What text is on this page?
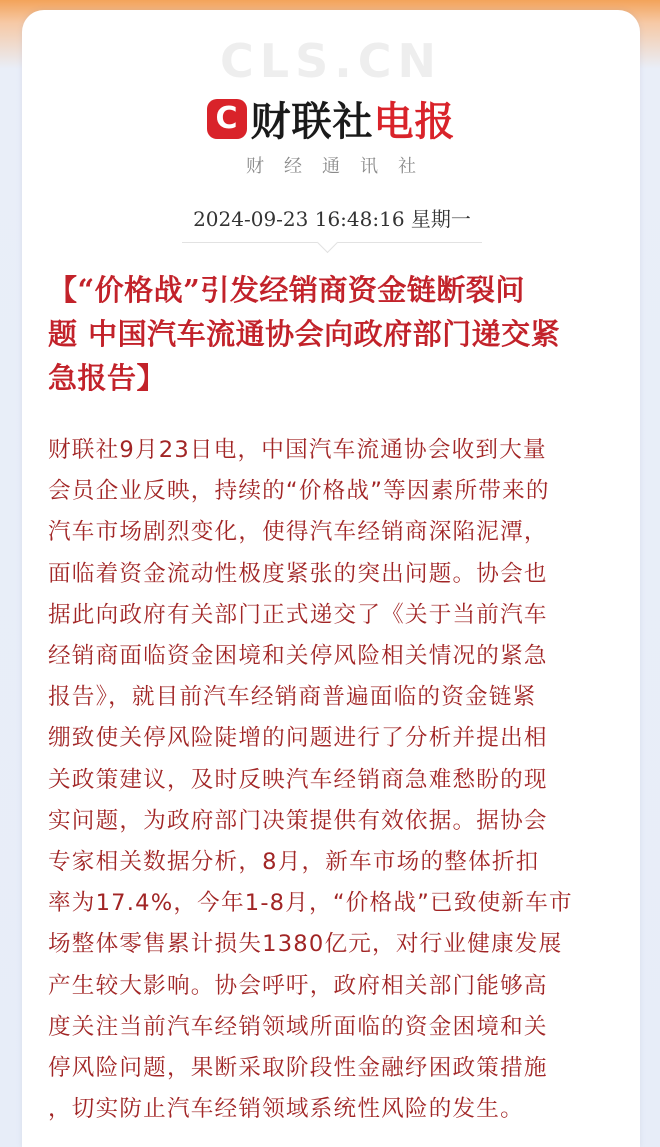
CLS.CN
C 财联社电报
财经通讯社
2024-09-23 16:48:16 星期一
【“价格战”引发经销商资金链断裂问
题 中国汽车流通协会向政府部门递交紧
急报告】
财联社9月23日电，中国汽车流通协会收到大量
会员企业反映，持续的“价格战”等因素所带来的
汽车市场剧烈变化，使得汽车经销商深陷泥潭，
面临着资金流动性极度紧张的突出问题。协会也
据此向政府有关部门正式递交了《关于当前汽车
经销商面临资金困境和关停风险相关情况的紧急
报告》，就目前汽车经销商普遍面临的资金链紧
绷致使关停风险陡增的问题进行了分析并提出相
关政策建议，及时反映汽车经销商急难愁盼的现
实问题，为政府部门决策提供有效依据。据协会
专家相关数据分析，8月，新车市场的整体折扣
率为17.4%，今年1-8月，“价格战”已致使新车市
场整体零售累计损失1380亿元，对行业健康发展
产生较大影响。协会呼吁，政府相关部门能够高
度关注当前汽车经销领域所面临的资金困境和关
停风险问题，果断采取阶段性金融纾困政策措施
，切实防止汽车经销领域系统性风险的发生。
